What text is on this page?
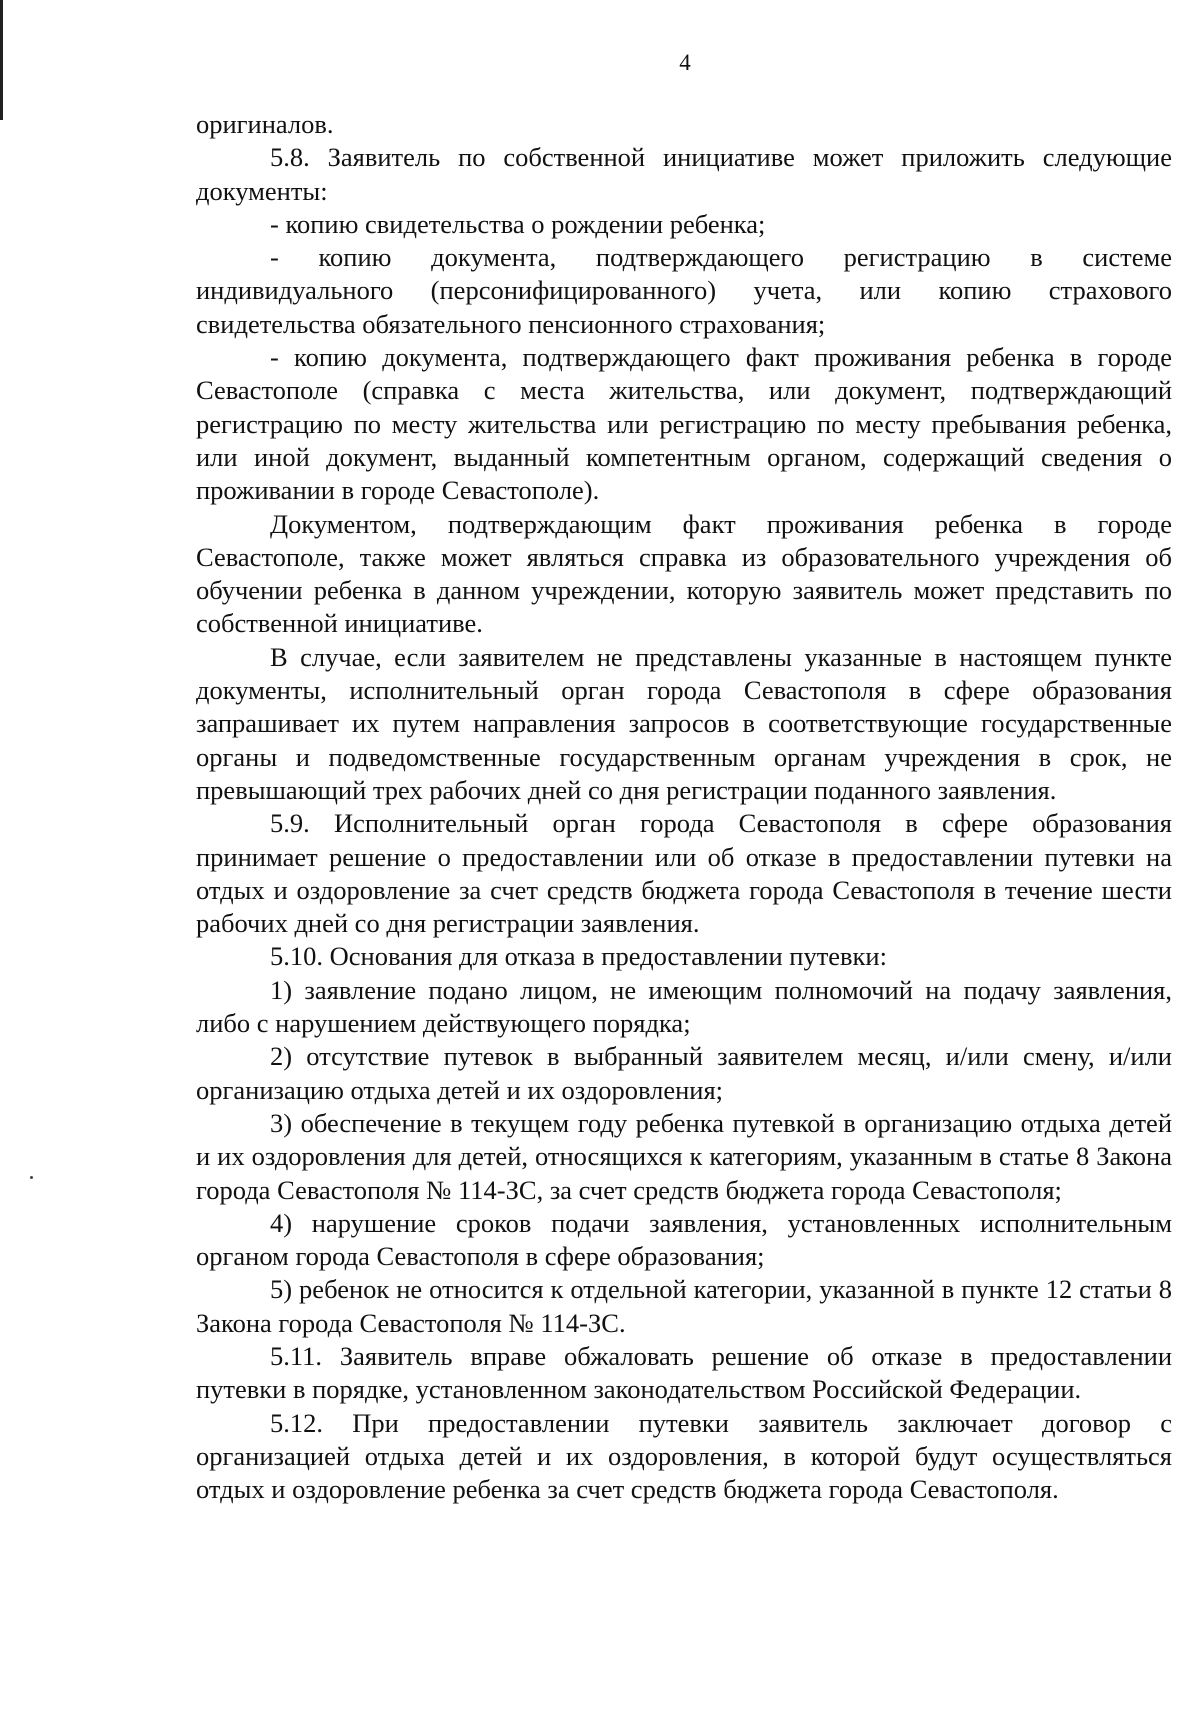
4

оригиналов.

5.8. Заявитель по собственной инициативе может приложить следующие документы:

- копию свидетельства о рождении ребенка;

- копию документа, подтверждающего регистрацию в системе индивидуального (персонифицированного) учета, или копию страхового свидетельства обязательного пенсионного страхования;

- копию документа, подтверждающего факт проживания ребенка в городе Севастополе (справка с места жительства, или документ, подтверждающий регистрацию по месту жительства или регистрацию по месту пребывания ребенка, или иной документ, выданный компетентным органом, содержащий сведения о проживании в городе Севастополе).

Документом, подтверждающим факт проживания ребенка в городе Севастополе, также может являться справка из образовательного учреждения об обучении ребенка в данном учреждении, которую заявитель может представить по собственной инициативе.

В случае, если заявителем не представлены указанные в настоящем пункте документы, исполнительный орган города Севастополя в сфере образования запрашивает их путем направления запросов в соответствующие государственные органы и подведомственные государственным органам учреждения в срок, не превышающий трех рабочих дней со дня регистрации поданного заявления.

5.9. Исполнительный орган города Севастополя в сфере образования принимает решение о предоставлении или об отказе в предоставлении путевки на отдых и оздоровление за счет средств бюджета города Севастополя в течение шести рабочих дней со дня регистрации заявления.

5.10. Основания для отказа в предоставлении путевки:

1) заявление подано лицом, не имеющим полномочий на подачу заявления, либо с нарушением действующего порядка;

2) отсутствие путевок в выбранный заявителем месяц, и/или смену, и/или организацию отдыха детей и их оздоровления;

3) обеспечение в текущем году ребенка путевкой в организацию отдыха детей и их оздоровления для детей, относящихся к категориям, указанным в статье 8 Закона города Севастополя № 114-ЗС, за счет средств бюджета города Севастополя;

4) нарушение сроков подачи заявления, установленных исполнительным органом города Севастополя в сфере образования;

5) ребенок не относится к отдельной категории, указанной в пункте 12 статьи 8 Закона города Севастополя № 114-ЗС.

5.11. Заявитель вправе обжаловать решение об отказе в предоставлении путевки в порядке, установленном законодательством Российской Федерации.

5.12. При предоставлении путевки заявитель заключает договор с организацией отдыха детей и их оздоровления, в которой будут осуществляться отдых и оздоровление ребенка за счет средств бюджета города Севастополя.
